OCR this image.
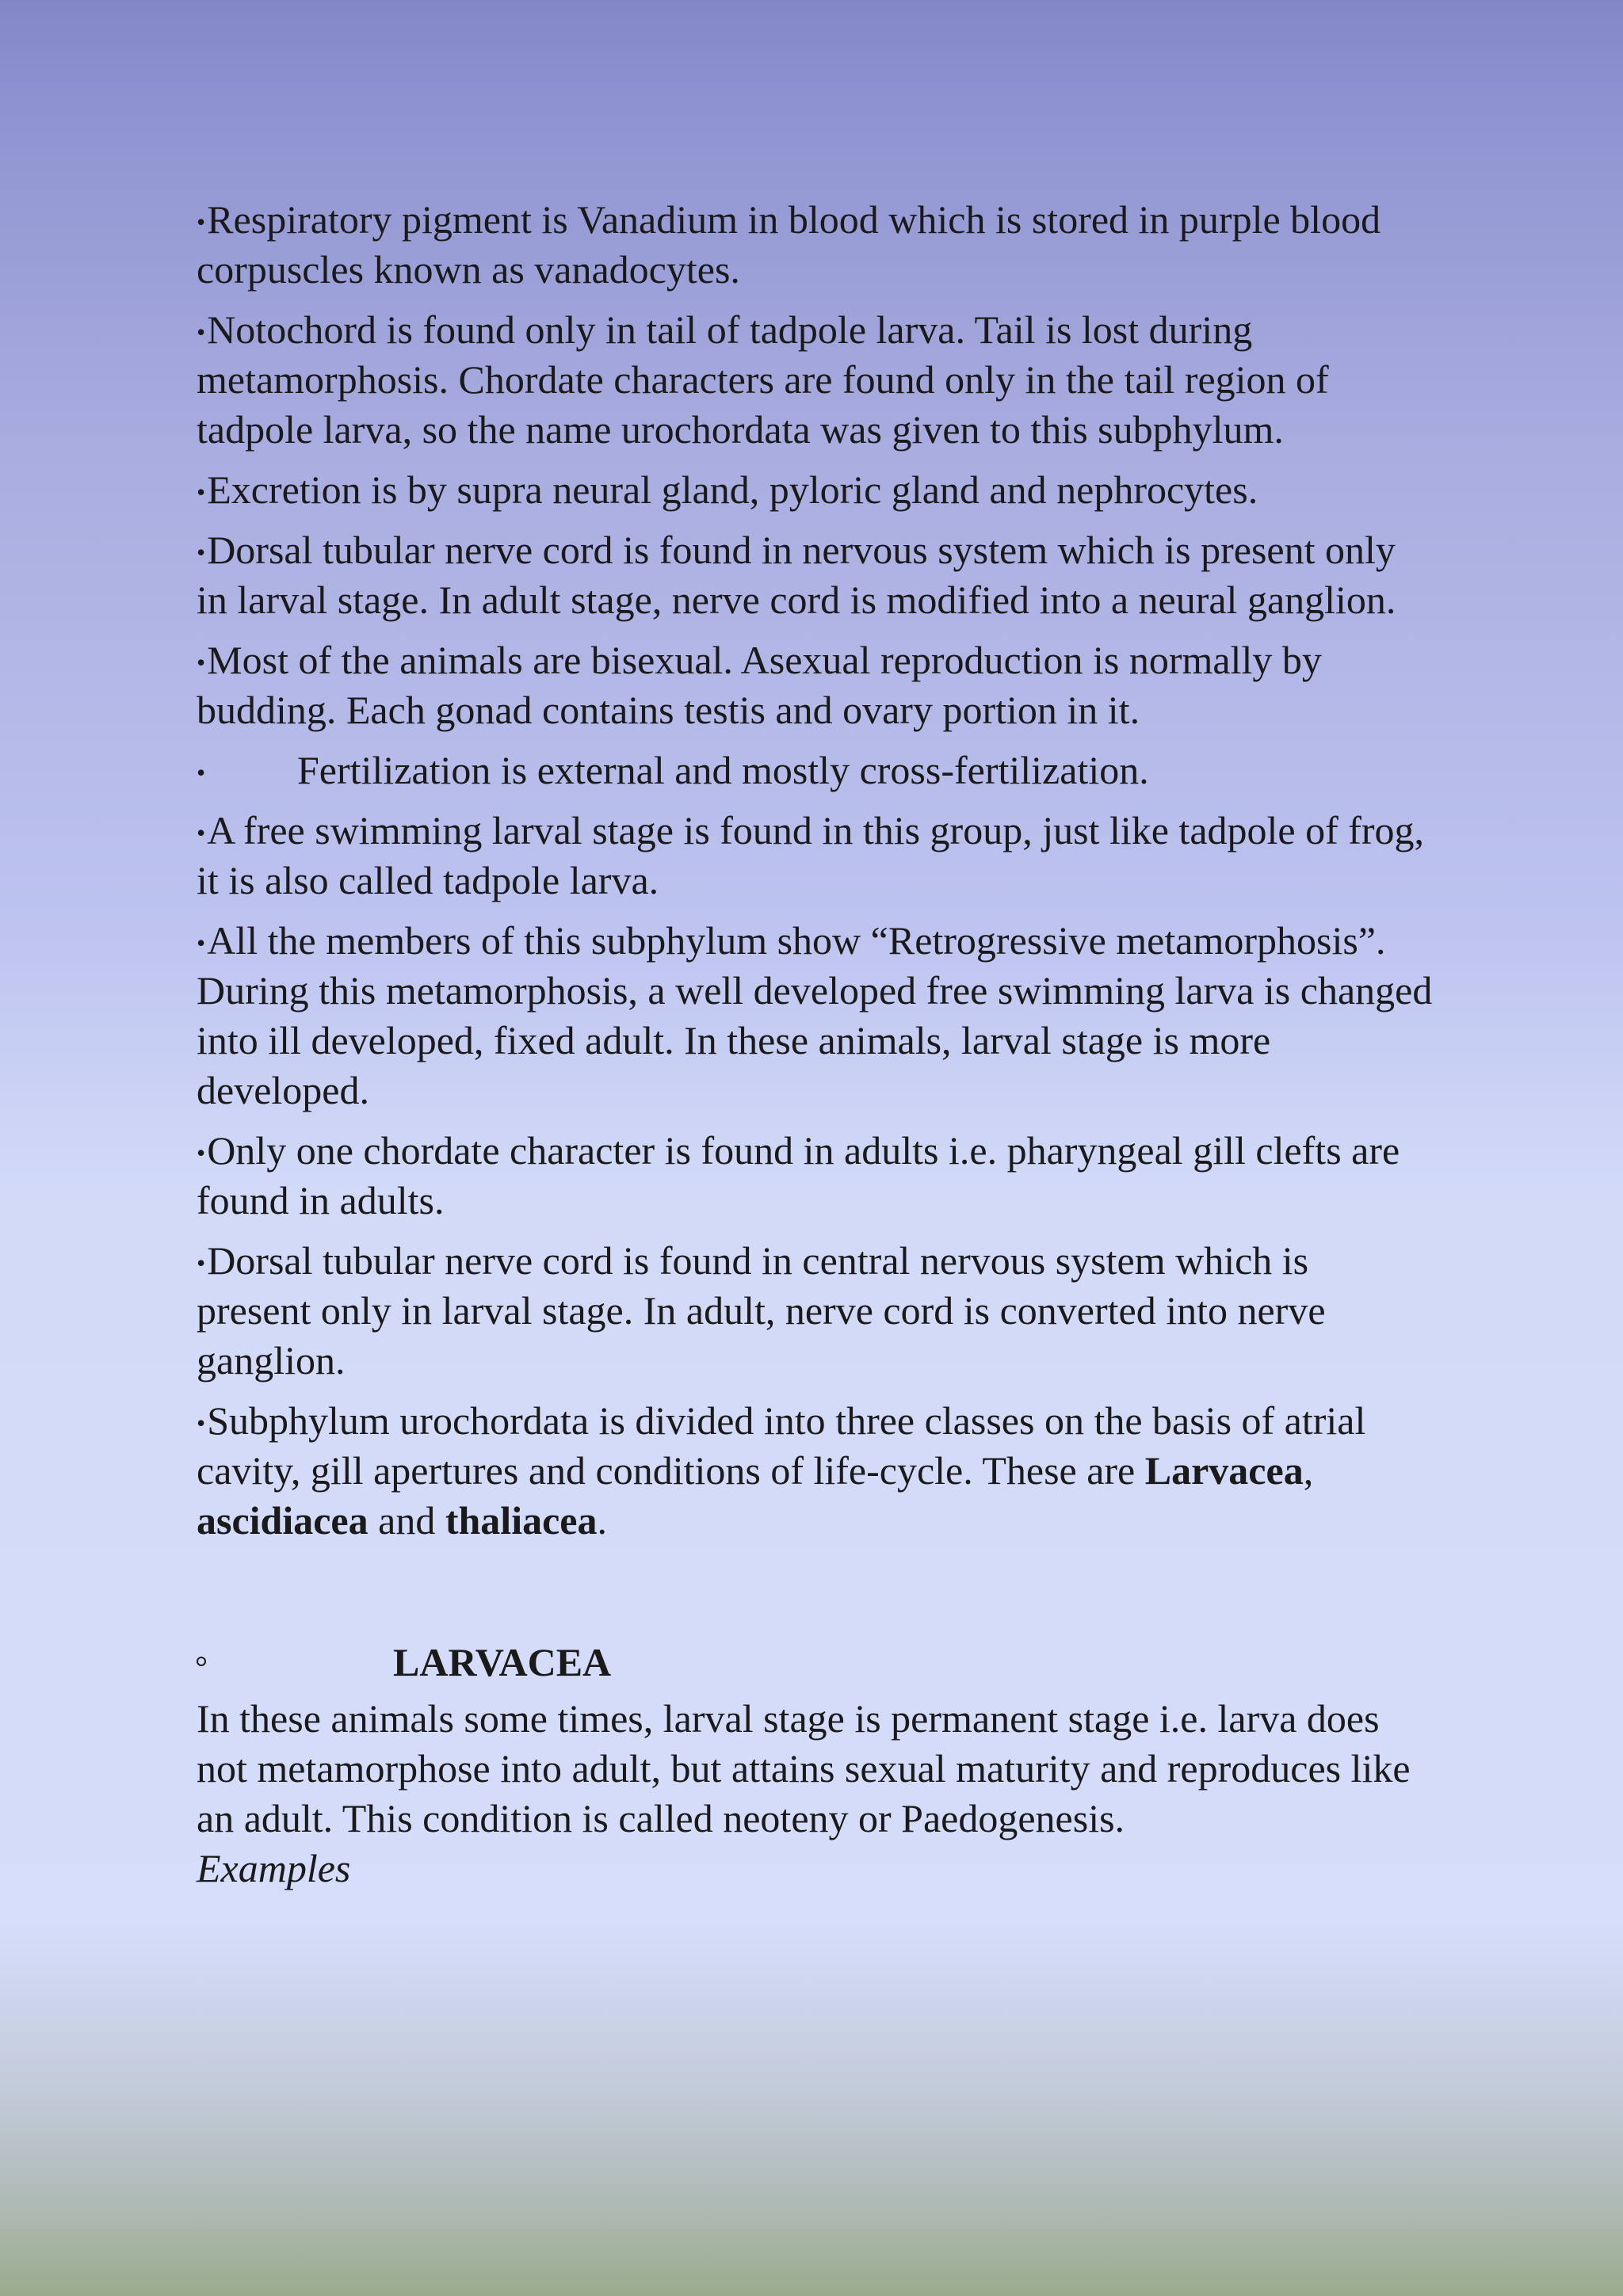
•Respiratory pigment is Vanadium in blood which is stored in purple blood corpuscles known as vanadocytes.
•Notochord is found only in tail of tadpole larva. Tail is lost during metamorphosis. Chordate characters are found only in the tail region of tadpole larva, so the name urochordata was given to this subphylum.
•Excretion is by supra neural gland, pyloric gland and nephrocytes.
•Dorsal tubular nerve cord is found in nervous system which is present only in larval stage. In adult stage, nerve cord is modified into a neural ganglion.
•Most of the animals are bisexual. Asexual reproduction is normally by budding. Each gonad contains testis and ovary portion in it.
• Fertilization is external and mostly cross-fertilization.
•A free swimming larval stage is found in this group, just like tadpole of frog, it is also called tadpole larva.
•All the members of this subphylum show “Retrogressive metamorphosis”. During this metamorphosis, a well developed free swimming larva is changed into ill developed, fixed adult. In these animals, larval stage is more developed.
•Only one chordate character is found in adults i.e. pharyngeal gill clefts are found in adults.
•Dorsal tubular nerve cord is found in central nervous system which is present only in larval stage. In adult, nerve cord is converted into nerve ganglion.
•Subphylum urochordata is divided into three classes on the basis of atrial cavity, gill apertures and conditions of life-cycle. These are Larvacea, ascidiacea and thaliacea.
LARVACEA

In these animals some times, larval stage is permanent stage i.e. larva does not metamorphose into adult, but attains sexual maturity and reproduces like an adult. This condition is called neoteny or Paedogenesis.

Examples
